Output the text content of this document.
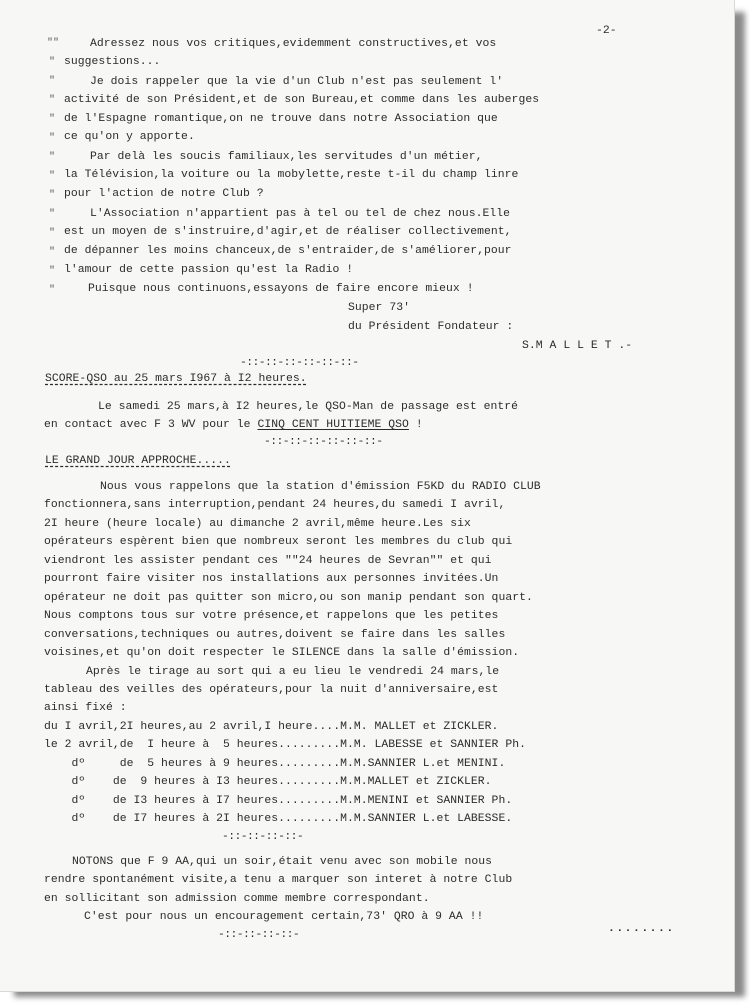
-2-
""
"
"
"
"
"
"
"
"
"
"
"
"
"
Adressez nous vos critiques,evidemment constructives,et vos
suggestions...
Je dois rappeler que la vie d'un Club n'est pas seulement l'
activité de son Président,et de son Bureau,et comme dans les auberges
de l'Espagne romantique,on ne trouve dans notre Association que
ce qu'on y apporte.
Par delà les soucis familiaux,les servitudes d'un métier,
la Télévision,la voiture ou la mobylette,reste t-il du champ linre
pour l'action de notre Club ?
L'Association n'appartient pas à tel ou tel de chez nous.Elle
est un moyen de s'instruire,d'agir,et de réaliser collectivement,
de dépanner les moins chanceux,de s'entraider,de s'améliorer,pour
l'amour de cette passion qu'est la Radio !
Puisque nous continuons,essayons de faire encore mieux !
Super 73'
du Président Fondateur :
S.M A L L E T .-
-::-::-::-::-::-::-
SCORE-QSO au 25 mars I967 à I2 heures.
Le samedi 25 mars,à I2 heures,le QSO-Man de passage est entré
en contact avec F 3 WV pour le CINQ CENT HUITIEME QSO !
-::-::-::-::-::-::-
LE GRAND JOUR APPROCHE.....
Nous vous rappelons que la station d'émission F5KD du RADIO CLUB
fonctionnera,sans interruption,pendant 24 heures,du samedi I avril,
2I heure (heure locale) au dimanche 2 avril,même heure.Les six
opérateurs espèrent bien que nombreux seront les membres du club qui
viendront les assister pendant ces ""24 heures de Sevran"" et qui
pourront faire visiter nos installations aux personnes invitées.Un
opérateur ne doit pas quitter son micro,ou son manip pendant son quart.
Nous comptons tous sur votre présence,et rappelons que les petites
conversations,techniques ou autres,doivent se faire dans les salles
voisines,et qu'on doit respecter le SILENCE dans la salle d'émission.
Après le tirage au sort qui a eu lieu le vendredi 24 mars,le
tableau des veilles des opérateurs,pour la nuit d'anniversaire,est
ainsi fixé :
du I avril,2I heures,au 2 avril,I heure....M.M. MALLET et ZICKLER.
le 2 avril,de  I heure à  5 heures.........M.M. LABESSE et SANNIER Ph.
dº     de  5 heures à 9 heures.........M.M.SANNIER L.et MENINI.
dº    de  9 heures à I3 heures.........M.M.MALLET et ZICKLER.
dº    de I3 heures à I7 heures.........M.M.MENINI et SANNIER Ph.
dº    de I7 heures à 2I heures.........M.M.SANNIER L.et LABESSE.
-::-::-::-::-
NOTONS que F 9 AA,qui un soir,était venu avec son mobile nous
rendre spontanément visite,a tenu a marquer son interet à notre Club
en sollicitant son admission comme membre correspondant.
C'est pour nous un encouragement certain,73' QRO à 9 AA !!
-::-::-::-::-	........
